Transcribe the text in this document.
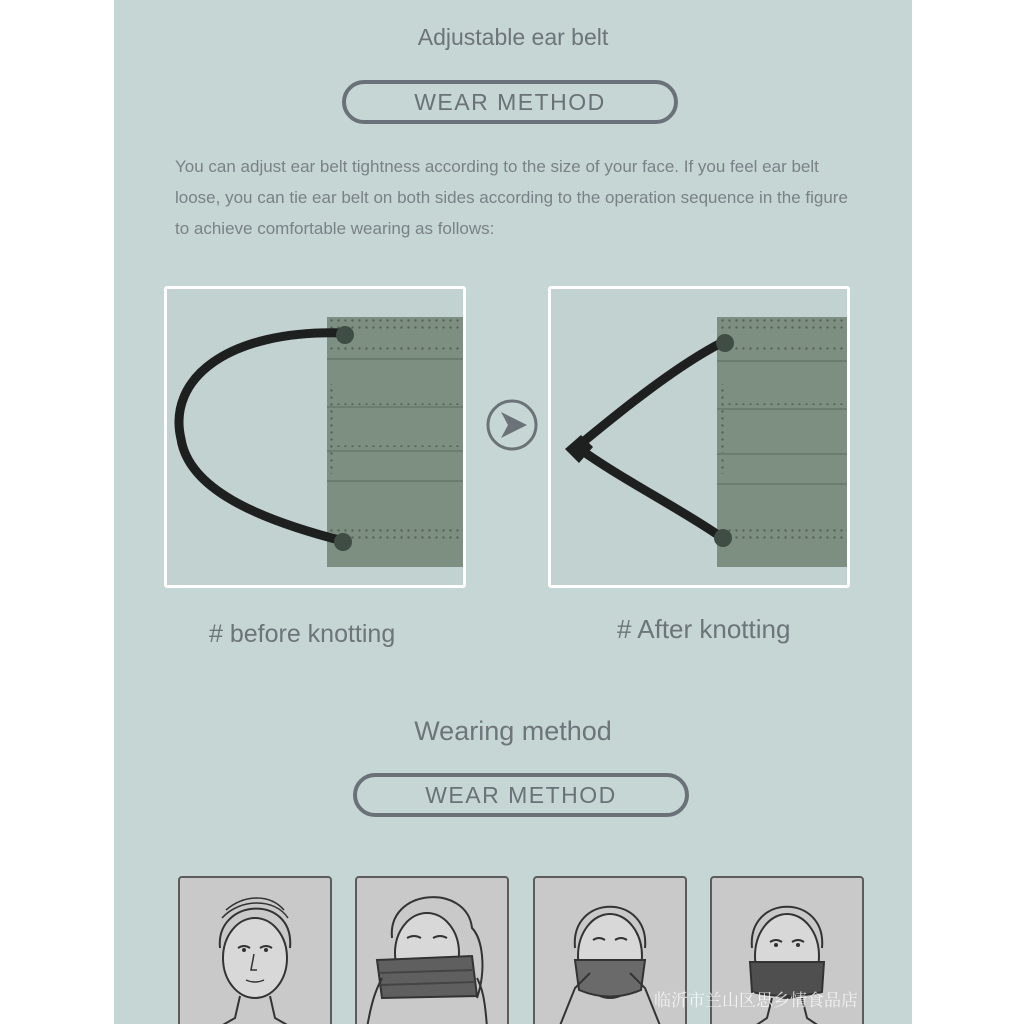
Adjustable ear belt
WEAR METHOD
You can adjust ear belt tightness according to the size of your face. If you feel ear belt loose, you can tie ear belt on both sides according to the operation sequence in the figure to achieve comfortable wearing as follows:
# before knotting	# After knotting
Wearing method
WEAR METHOD
临沂市兰山区思乡情食品店
